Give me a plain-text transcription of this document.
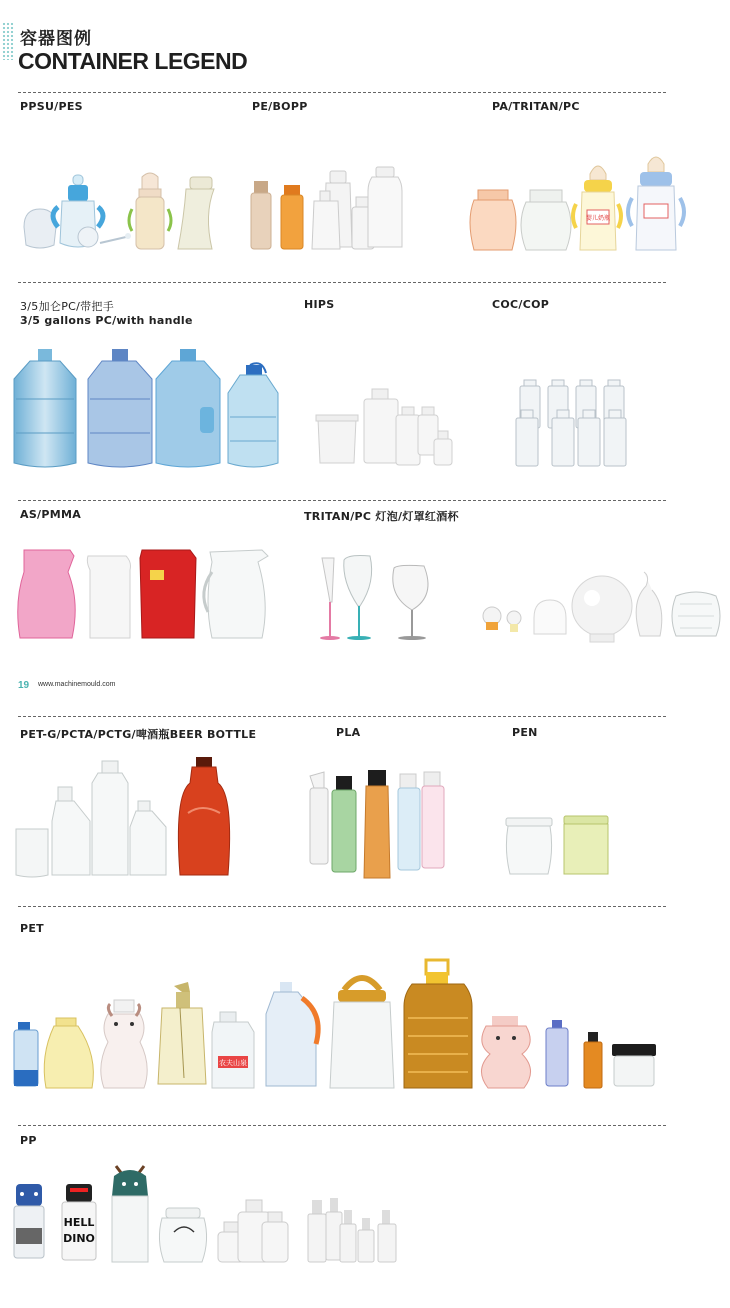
容器图例
CONTAINER LEGEND
PPSU/PES	PE/BOPP	PA/TRITAN/PC
3/5加仑PC/带把手
3/5 gallons PC/with handle
HIPS	COC/COP
AS/PMMA	TRITAN/PC 灯泡/灯罩红酒杯
19 www.machinemould.com
PET-G/PCTA/PCTG/啤酒瓶BEER BOTTLE	PLA	PEN
PET
PP
婴儿奶瓶
农夫山泉
HELL
DINO
